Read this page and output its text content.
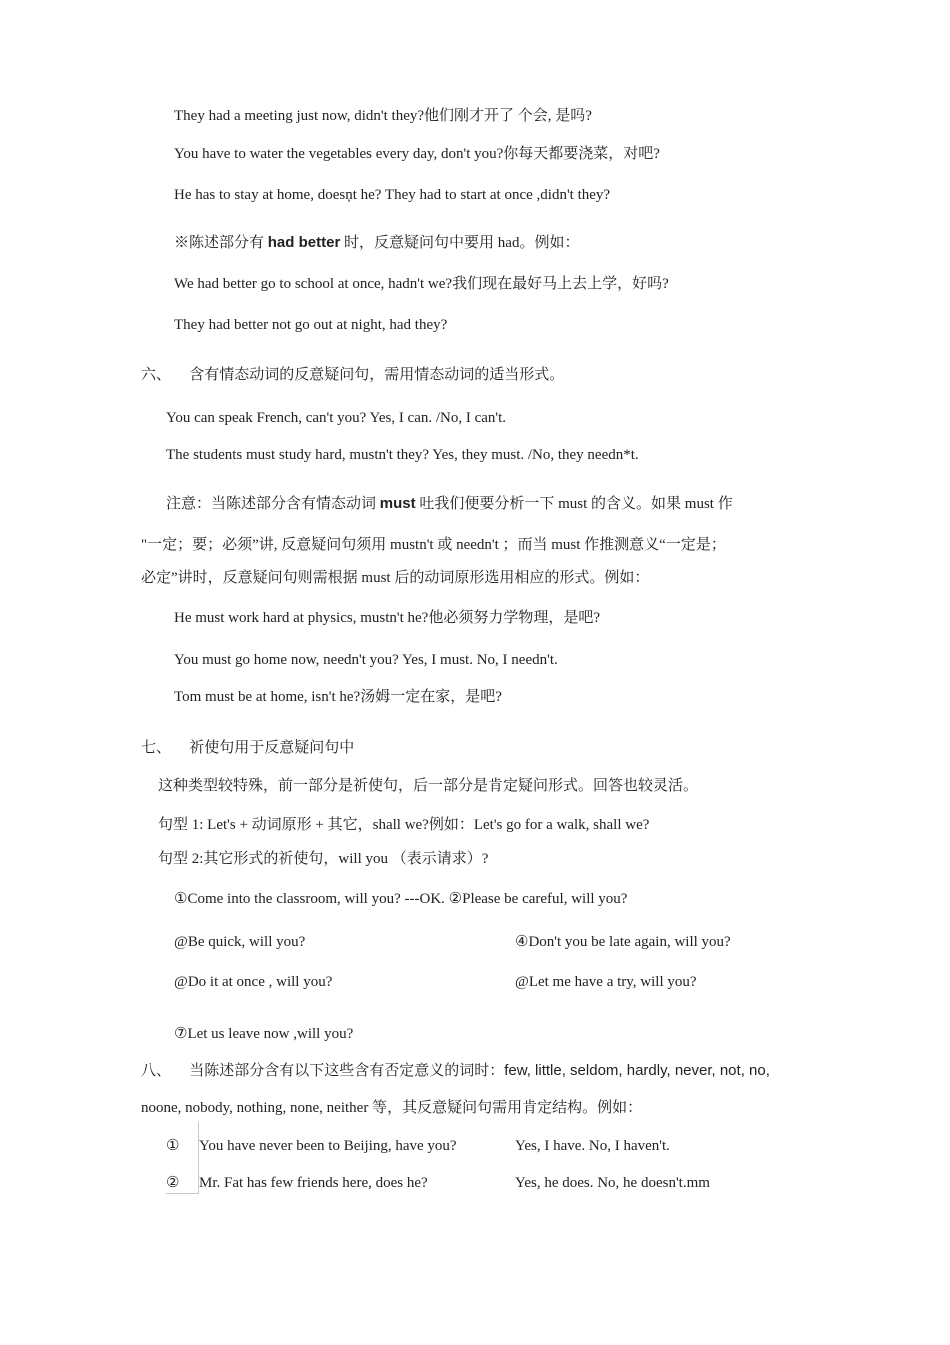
They had a meeting just now, didn't they?他们刚才开了 个会, 是吗?
You have to water the vegetables every day, don't you?你每天都要浇菜，对吧?
He has to stay at home, doesņt he? They had to start at once ,didn't they?
※陈述部分有 had better 时，反意疑问句中要用 had。例如：
We had better go to school at once, hadn't we?我们现在最好马上去上学，好吗?
They had better not go out at night, had they?
六、 含有情态动词的反意疑问句，需用情态动词的适当形式。
You can speak French, can't you? Yes, I can. /No, I can't.
The students must study hard, mustn't they? Yes, they must. /No, they needn*t.
注意：当陈述部分含有情态动词 must 吐我们便要分析一下 must 的含义。如果 must 作
"一定；要；必须”讲, 反意疑问句须用 mustn't 或 needn't ；而当 must 作推测意义“一定是；
必定”讲时，反意疑问句则需根据 must 后的动词原形选用相应的形式。例如：
He must work hard at physics, mustn't he?他必须努力学物理，是吧?
You must go home now, needn't you? Yes, I must. No, I needn't.
Tom must be at home, isn't he?汤姆一定在家，是吧?
七、 祈使句用于反意疑问句中
这种类型较特殊，前一部分是祈使句，后一部分是肯定疑问形式。回答也较灵活。
句型 1: Let's + 动词原形 + 其它，shall we?例如：Let's go for a walk, shall we?
句型 2:其它形式的祈使句，will you （表示请求）?
①Come into the classroom, will you? ---OK. ②Please be careful, will you?
@Be quick, will you?	④Don't you be late again, will you?
@Do it at once , will you?	@Let me have a try, will you?
⑦Let us leave now ,will you?
八、 当陈述部分含有以下这些含有否定意义的词时：few, little, seldom, hardly, never, not, no,
noone, nobody, nothing, none, neither 等，其反意疑问句需用肯定结构。例如：
① You have never been to Beijing, have you?	Yes, I have. No, I haven't.
② Mr. Fat has few friends here, does he?	Yes, he does. No, he doesn't.mm
